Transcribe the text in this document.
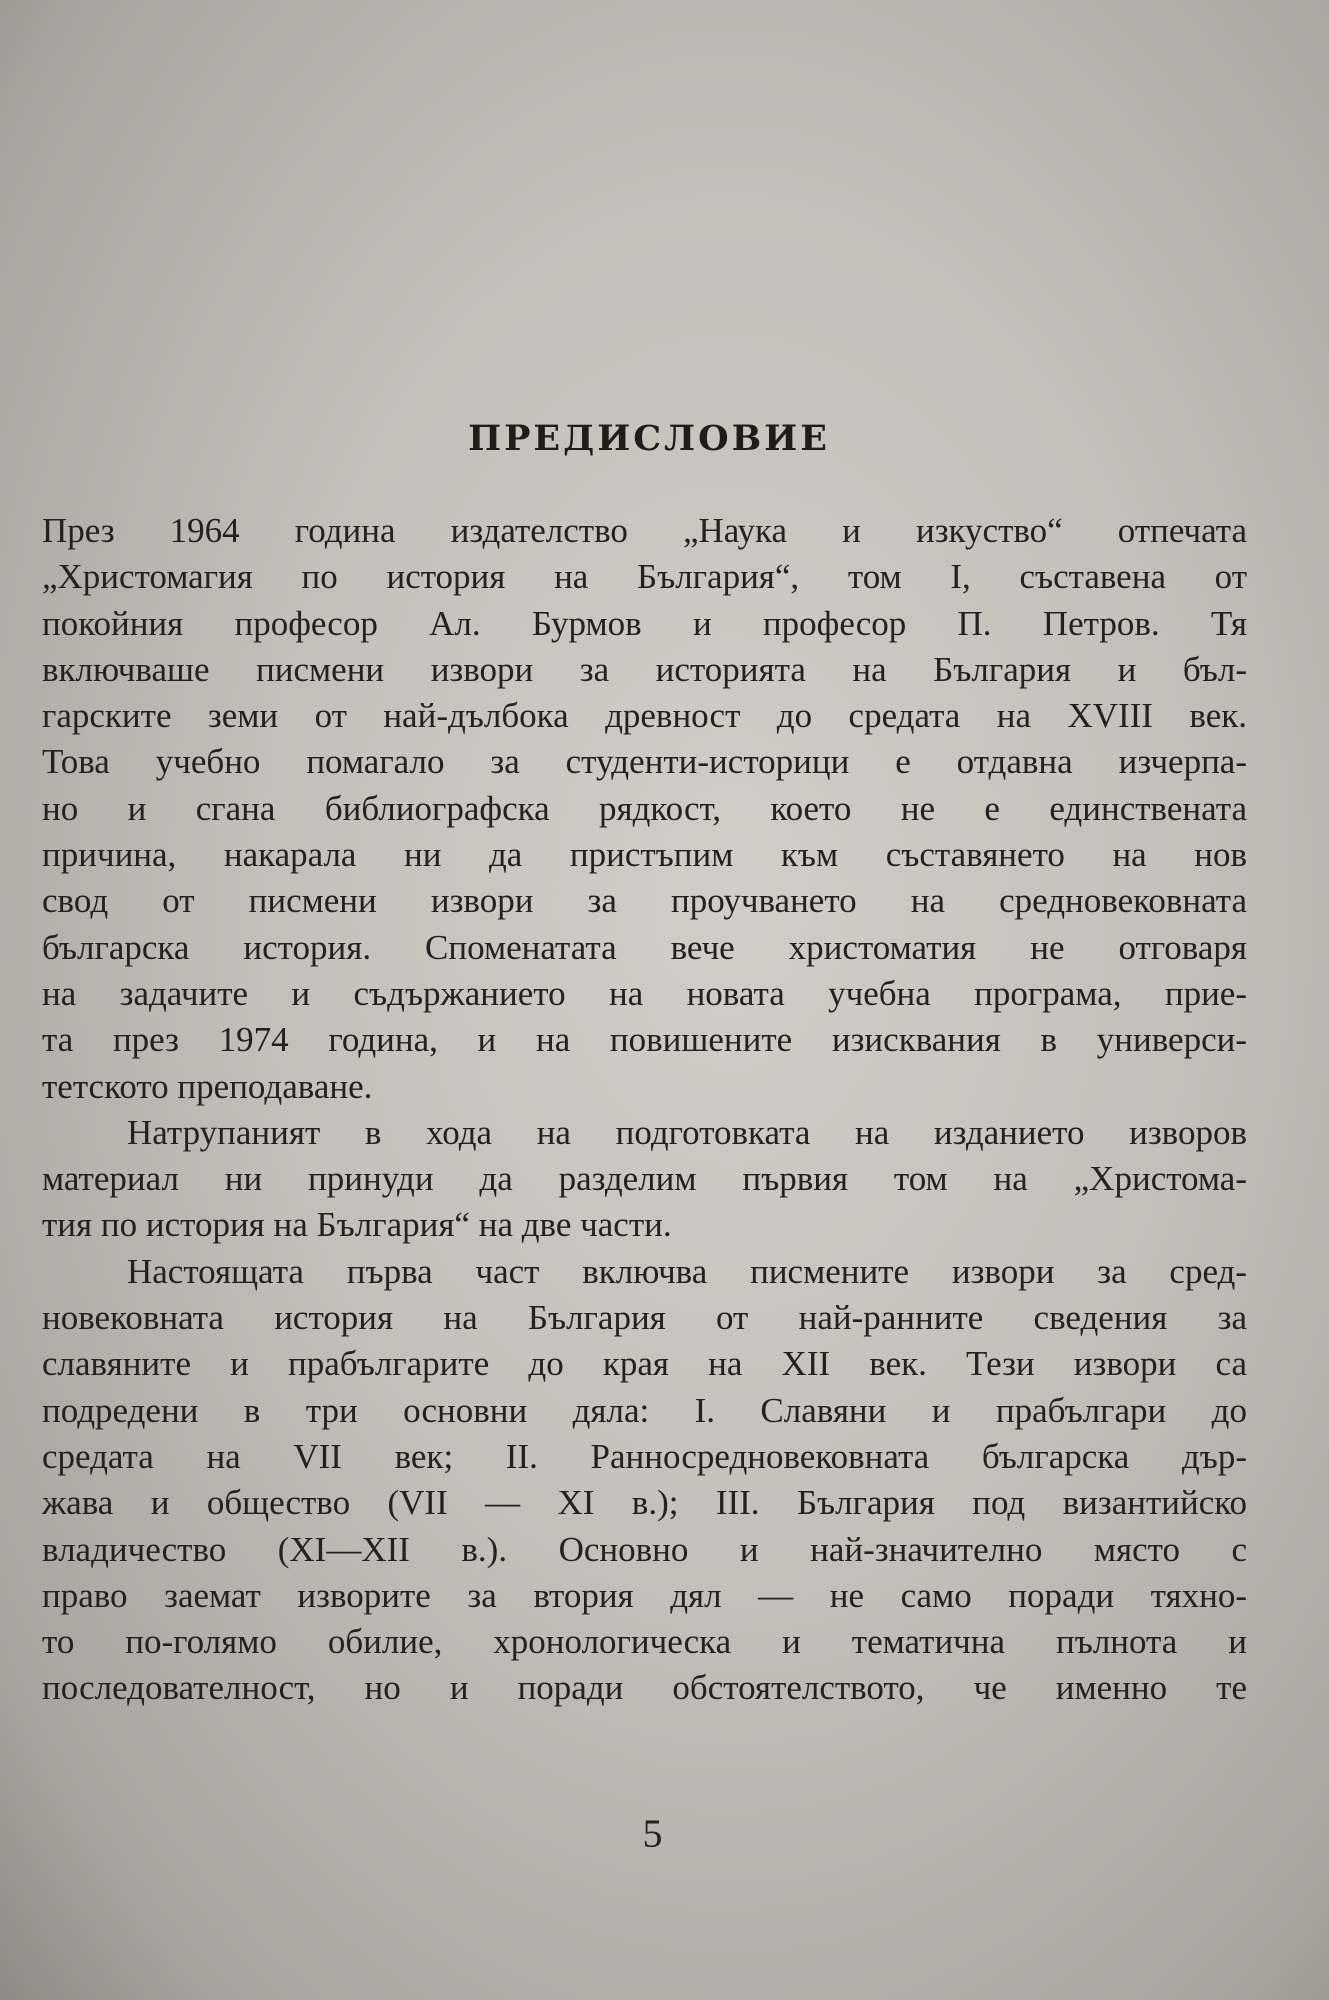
ПРЕДИСЛОВИЕ
През 1964 година издателство „Наука и изкуство“ отпечата
„Христомагия по история на България“, том I, съставена от
покойния професор Ал. Бурмов и професор П. Петров. Тя
включваше писмени извори за историята на България и бъл-
гарските земи от най-дълбока древност до средата на XVIII век.
Това учебно помагало за студенти-историци е отдавна изчерпа-
но и сгана библиографска рядкост, което не е единствената
причина, накарала ни да пристъпим към съставянето на нов
свод от писмени извори за проучването на средновековната
българска история. Споменатата вече христоматия не отговаря
на задачите и съдържанието на новата учебна програма, прие-
та през 1974 година, и на повишените изисквания в универси-
тетското преподаване.
Натрупаният в хода на подготовката на изданието изворов
материал ни принуди да разделим първия том на „Христома-
тия по история на България“ на две части.
Настоящата първа част включва писмените извори за сред-
новековната история на България от най-ранните сведения за
славяните и прабългарите до края на XII век. Тези извори са
подредени в три основни дяла: I. Славяни и прабългари до
средата на VII век; II. Ранносредновековната българска дър-
жава и общество (VII — XI в.); III. България под византийско
владичество (XI—XII в.). Основно и най-значително място с
право заемат изворите за втория дял — не само поради тяхно-
то по-голямо обилие, хронологическа и тематична пълнота и
последователност, но и поради обстоятелството, че именно те
5
